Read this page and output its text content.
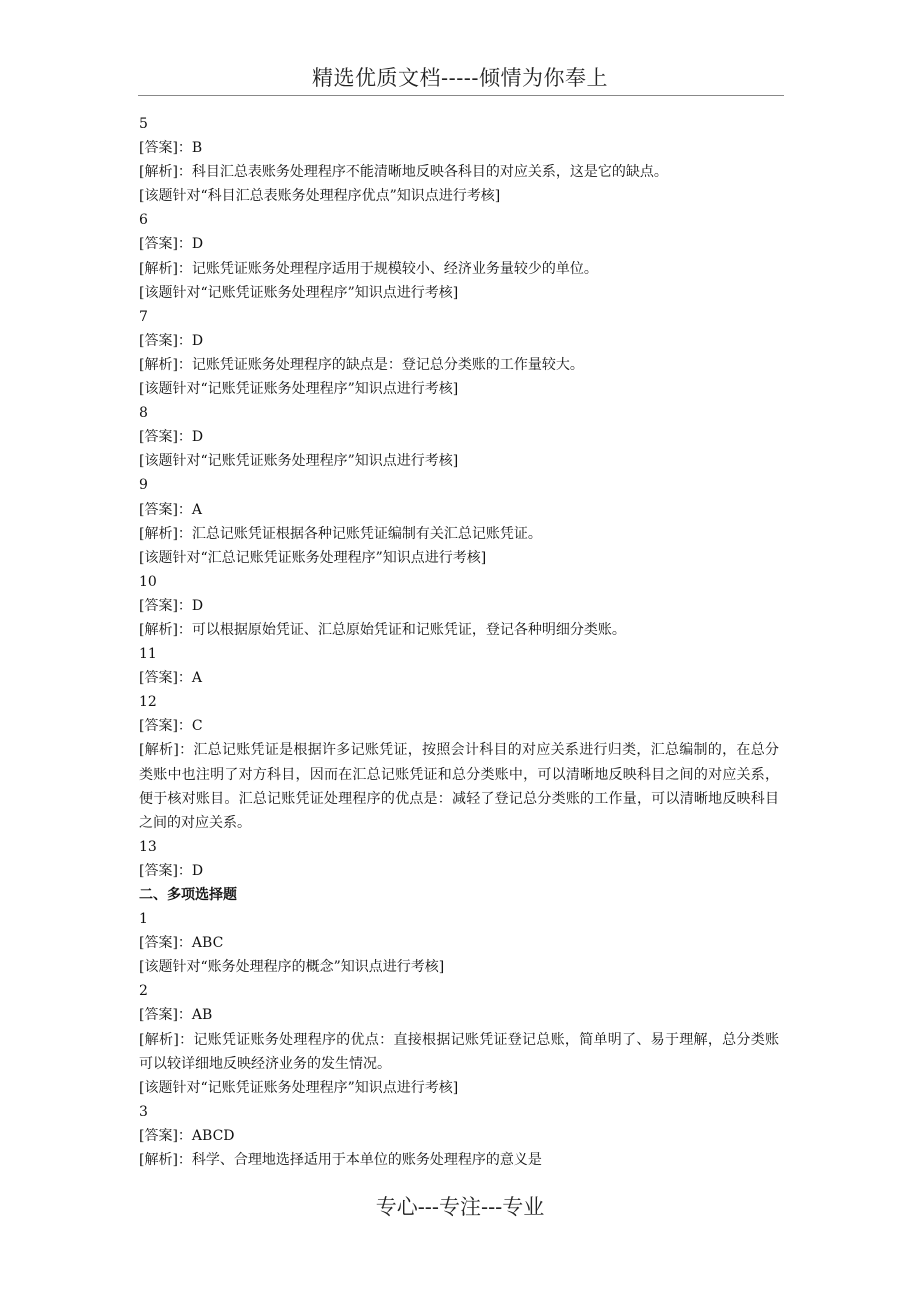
精选优质文档-----倾情为你奉上
5
[答案]：B
[解析]：科目汇总表账务处理程序不能清晰地反映各科目的对应关系，这是它的缺点。
[该题针对“科目汇总表账务处理程序优点”知识点进行考核]
6
[答案]：D
[解析]：记账凭证账务处理程序适用于规模较小、经济业务量较少的单位。
[该题针对“记账凭证账务处理程序”知识点进行考核]
7
[答案]：D
[解析]：记账凭证账务处理程序的缺点是：登记总分类账的工作量较大。
[该题针对“记账凭证账务处理程序”知识点进行考核]
8
[答案]：D
[该题针对“记账凭证账务处理程序”知识点进行考核]
9
[答案]：A
[解析]：汇总记账凭证根据各种记账凭证编制有关汇总记账凭证。
[该题针对“汇总记账凭证账务处理程序”知识点进行考核]
10
[答案]：D
[解析]：可以根据原始凭证、汇总原始凭证和记账凭证，登记各种明细分类账。
11
[答案]：A
12
[答案]：C
[解析]：汇总记账凭证是根据许多记账凭证，按照会计科目的对应关系进行归类，汇总编制的，在总分类账中也注明了对方科目，因而在汇总记账凭证和总分类账中，可以清晰地反映科目之间的对应关系，便于核对账目。汇总记账凭证处理程序的优点是：减轻了登记总分类账的工作量，可以清晰地反映科目之间的对应关系。
13
[答案]：D
二、多项选择题
1
[答案]：ABC
[该题针对“账务处理程序的概念”知识点进行考核]
2
[答案]：AB
[解析]：记账凭证账务处理程序的优点：直接根据记账凭证登记总账，简单明了、易于理解，总分类账可以较详细地反映经济业务的发生情况。
[该题针对“记账凭证账务处理程序”知识点进行考核]
3
[答案]：ABCD
[解析]：科学、合理地选择适用于本单位的账务处理程序的意义是
专心---专注---专业
